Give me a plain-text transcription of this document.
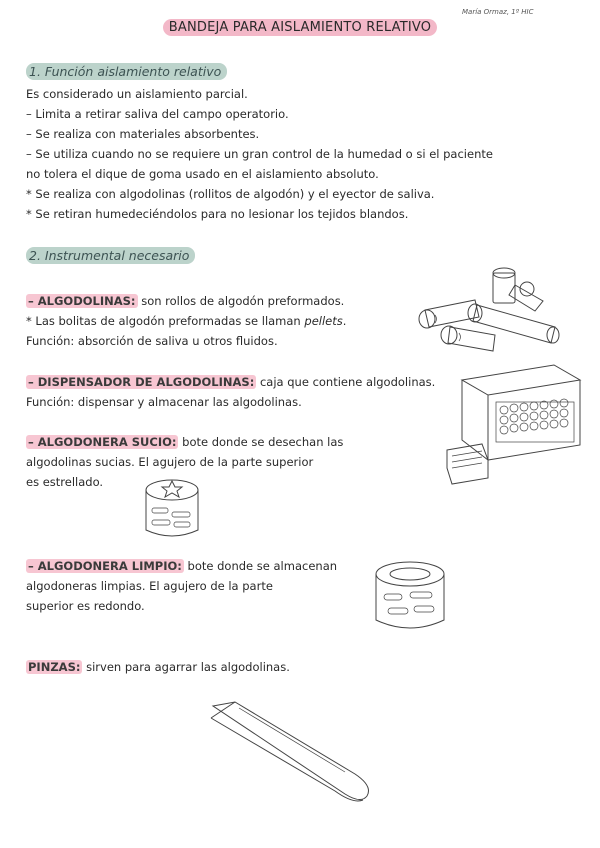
BANDEJA PARA AISLAMIENTO RELATIVO
María Ormaz, 1º HIC
1. Función aislamiento relativo
Es considerado un aislamiento parcial.
– Limita a retirar saliva del campo operatorio.
– Se realiza con materiales absorbentes.
– Se utiliza cuando no se requiere un gran control de la humedad o si el paciente
no tolera el dique de goma usado en el aislamiento absoluto.
* Se realiza con algodolinas (rollitos de algodón) y el eyector de saliva.
* Se retiran humedeciéndolos para no lesionar los tejidos blandos.
2. Instrumental necesario
– ALGODOLINAS: son rollos de algodón preformados.
* Las bolitas de algodón preformadas se llaman pellets.
Función: absorción de saliva u otros fluidos.
– DISPENSADOR DE ALGODOLINAS: caja que contiene algodolinas.
Función: dispensar y almacenar las algodolinas.
– ALGODONERA SUCIO: bote donde se desechan las
algodolinas sucias. El agujero de la parte superior
es estrellado.
– ALGODONERA LIMPIO: bote donde se almacenan
algodoneras limpias. El agujero de la parte
superior es redondo.
PINZAS: sirven para agarrar las algodolinas.
